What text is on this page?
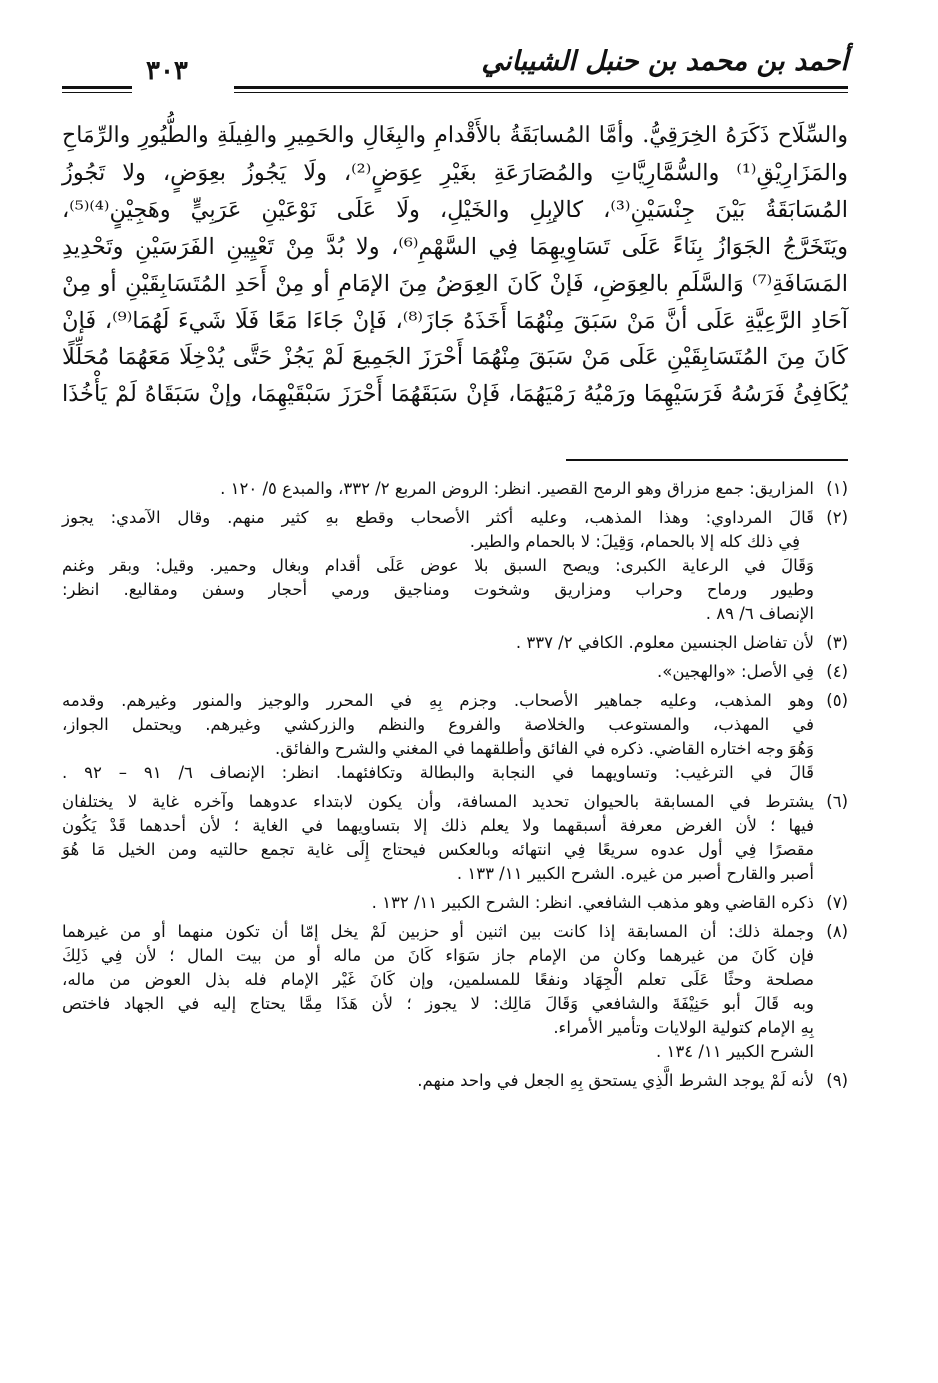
أحمد بن محمد بن حنبل الشيباني
٣٠٣

والسِّلَاح ذَكَرَهُ الخِرَقِيُّ. وأمَّا المُسابَقَةُ بالأَقْدامِ والبِغَالِ والحَمِيرِ والفِيلَةِ والطُّيُورِ والرِّمَاحِ

والمَزَارِيْقِ⁽¹⁾ والسُّمَّارِيَّاتِ والمُصَارَعَةِ بغَيْرِ عِوَضٍ⁽²⁾، ولَا يَجُوزُ بعِوَضٍ، ولا تَجُوزُ

المُسَابَقَةُ بَيْنَ جِنْسَيْنِ⁽³⁾، كالإبِلِ والخَيْلِ، ولَا عَلَى نَوْعَيْنِ عَرَبِيٍّ وهَجِيْنٍ⁽⁴⁾⁽⁵⁾،

ويَتَخَرَّجُ الجَوَازُ بِنَاءً عَلَى تَسَاوِيهِمَا فِي السَّهْمِ⁽⁶⁾، ولا بُدَّ مِنْ تَعْيِينِ الفَرَسَيْنِ وتَحْدِيدِ

المَسَافَةِ⁽⁷⁾ وَالسَّلَمِ بالعِوَضِ، فَإنْ كَانَ العِوَضُ مِنَ الإمَامِ أو مِنْ أَحَدِ المُتَسَابِقَيْنِ أو مِنْ

آحَادِ الرَّعِيَّةِ عَلَى أنَّ مَنْ سَبَقَ مِنْهُمَا أَخَذَهُ جَازَ⁽⁸⁾، فَإنْ جَاءَا مَعًا فَلَا شَيءَ لَهُمَا⁽⁹⁾، فَإنْ

كَانَ مِنَ المُتَسَابِقَيْنِ عَلَى مَنْ سَبَقَ مِنْهُمَا أَحْرَزَ الجَمِيعَ لَمْ يَجُزْ حَتَّى يُدْخِلَا مَعَهُمَا مُحَلِّلًا

يُكَافِئُ فَرَسُهُ فَرَسَيْهِمَا ورَمْيُهُ رَمْيَهُمَا، فَإنْ سَبَقَهُمَا أَحْرَزَ سَبْقَيْهِمَا، وإنْ سَبَقَاهُ لَمْ يَأْخُذَا

(١)

المزاريق: جمع مزراق وهو الرمح القصير. انظر: الروض المربع ٢/ ٣٣٢، والمبدع ٥/ ١٢٠ .

(٢)

قَالَ المرداوي: وهذا المذهب، وعليه أكثر الأصحاب وقطع بهِ كثير منهم. وقال الآمدي: يجوز

فِي ذلك كله إلا بالحمام، وَقِيلَ: لا بالحمام والطير.

وَقَالَ في الرعاية الكبرى: ويصح السبق بلا عوض عَلَى أقدام وبغال وحمير. وقيل: وبقر وغنم

وطيور ورماح وحراب ومزاريق وشخوت ومناجيق ورمي أحجار وسفن ومقاليع. انظر:

الإنصاف ٦/ ٨٩ .

(٣)

لأن تفاضل الجنسين معلوم. الكافي ٢/ ٣٣٧ .

(٤)

فِي الأصل: «والهجين».

(٥)

وهو المذهب، وعليه جماهير الأصحاب. وجزم بِهِ في المحرر والوجيز والمنور وغيرهم. وقدمه

في المهذب، والمستوعب والخلاصة والفروع والنظم والزركشي وغيرهم. ويحتمل الجواز،

وَهُوَ وجه اختاره القاضي. ذكره في الفائق وأطلقهما في المغني والشرح والفائق.

قَالَ في الترغيب: وتساويهما في النجابة والبطالة وتكافئهما. انظر: الإنصاف ٦/ ٩١ – ٩٢ .

(٦)

يشترط في المسابقة بالحيوان تحديد المسافة، وأن يكون لابتداء عدوهما وآخره غاية لا يختلفان

فيها ؛ لأن الغرض معرفة أسبقهما ولا يعلم ذلك إلا بتساويهما في الغاية ؛ لأن أحدهما قَدْ يَكُون

مقصرًا فِي أول عدوه سريعًا فِي انتهائه وبالعكس فيحتاج إِلَى غاية تجمع حالتيه ومن الخيل مَا هُوَ

أصبر والقارح أصبر من غيره. الشرح الكبير ١١/ ١٣٣ .

(٧)

ذكره القاضي وهو مذهب الشافعي. انظر: الشرح الكبير ١١/ ١٣٢ .

(٨)

وجملة ذلك: أن المسابقة إذا كانت بين اثنين أو حزبين لَمْ يخل إمّا أن تكون منهما أو من غيرهما

فإن كَانَ من غيرهما وكان من الإمام جاز سَوَاء كَانَ من ماله أو من بيت المال ؛ لأن فِي ذَلِكَ

مصلحة وحثًا عَلَى تعلم الْجِهَاد ونفعًا للمسلمين، وإن كَانَ غَيْر الإمام فله بذل العوض من ماله،

وبه قَالَ أبو حَنِيْفَةَ والشافعي وَقَالَ مَالِك: لا يجوز ؛ لأن هَذَا مِمَّا يحتاج إليه في الجهاد فاختص

بِهِ الإمام كتولية الولايات وتأمير الأمراء.

الشرح الكبير ١١/ ١٣٤ .

(٩)

لأنه لَمْ يوجد الشرط الَّذِي يستحق بِهِ الجعل في واحد منهم.
